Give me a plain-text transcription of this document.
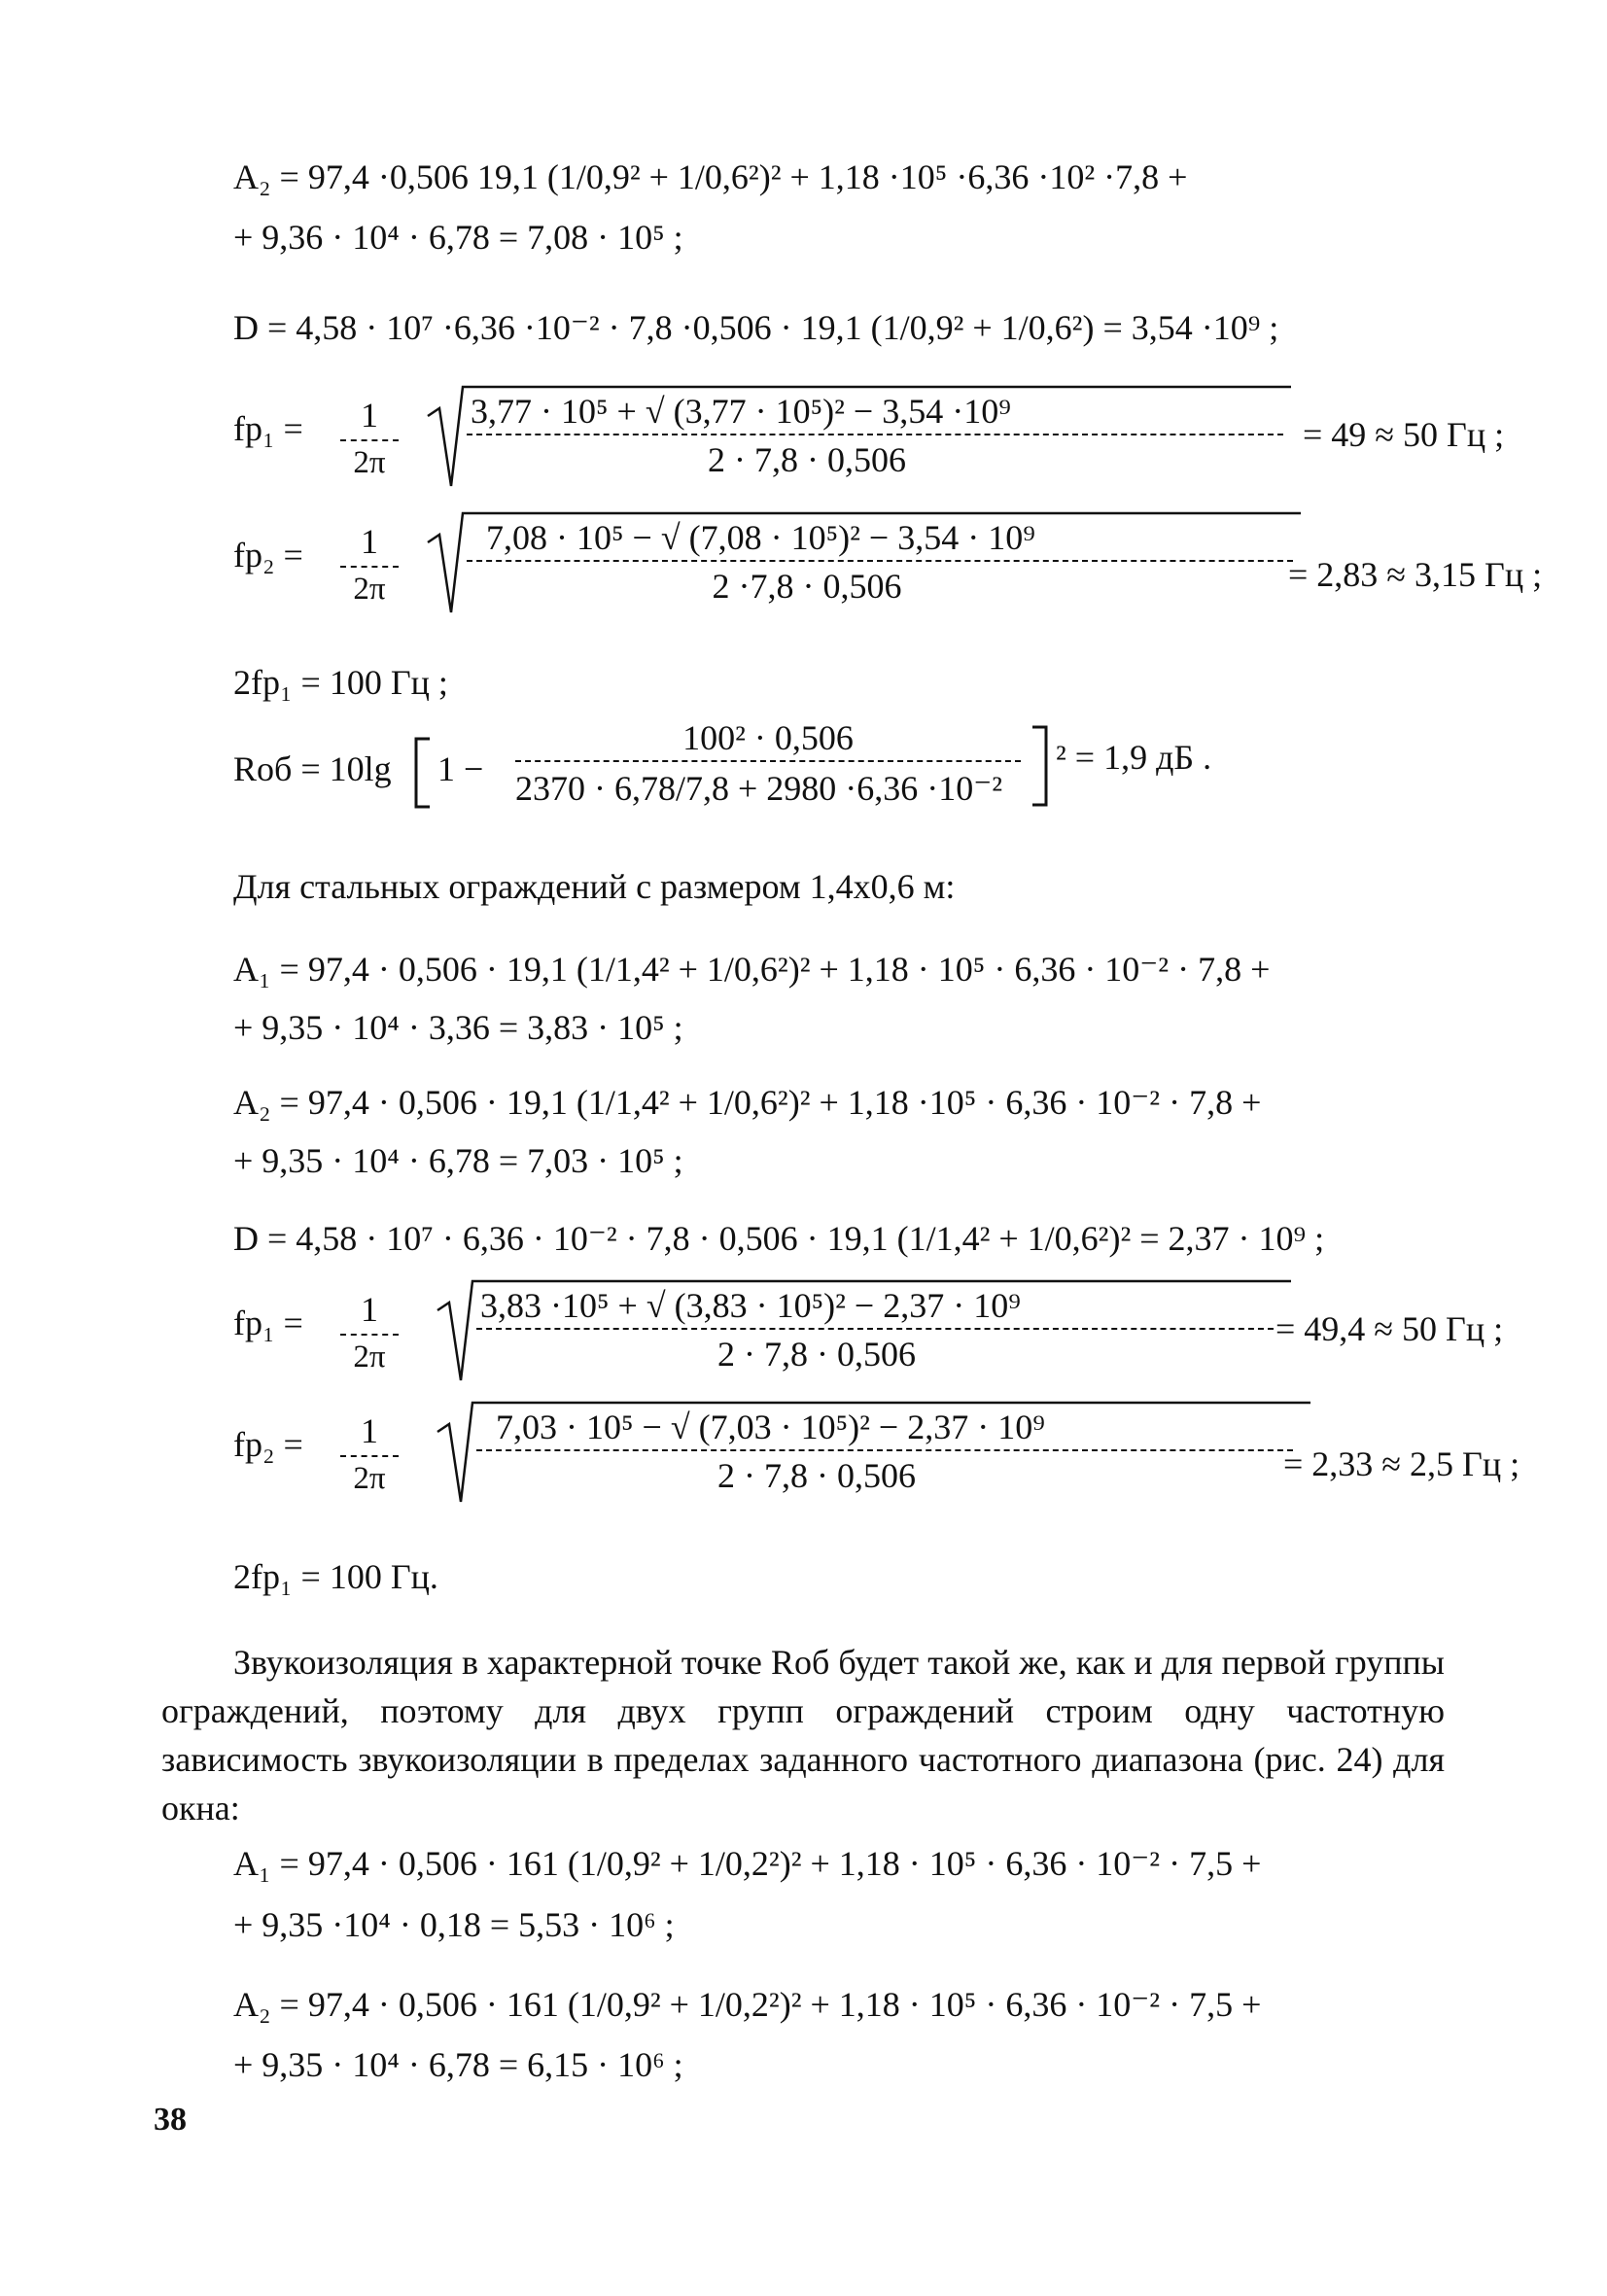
A₂ = 97,4 ·0,506 19,1 (1/0,9² + 1/0,6²)² + 1,18 ·10⁵ ·6,36 ·10² ·7,8 +
+ 9,36 · 10⁴ · 6,78 = 7,08 · 10⁵ ;
D = 4,58 · 10⁷ ·6,36 ·10⁻² · 7,8 ·0,506 · 19,1 (1/0,9² + 1/0,6²) = 3,54 ·10⁹ ;
fp₁ =	1
2π
3,77 · 10⁵ + √ (3,77 · 10⁵)² − 3,54 ·10⁹
2 · 7,8 · 0,506
= 49 ≈ 50 Гц ;
fp₂ =	1
2π
7,08 · 10⁵ − √ (7,08 · 10⁵)² − 3,54 · 10⁹
2 ·7,8 · 0,506	= 2,83 ≈ 3,15 Гц ;
2fp₁ = 100 Гц ;
Rоб = 10lg 1 −
100² · 0,506
2370 · 6,78/7,8 + 2980 ·6,36 ·10⁻²
² = 1,9 дБ .
Для стальных ограждений с размером 1,4x0,6 м:
A₁ = 97,4 · 0,506 · 19,1 (1/1,4² + 1/0,6²)² + 1,18 · 10⁵ · 6,36 · 10⁻² · 7,8 +
+ 9,35 · 10⁴ · 3,36 = 3,83 · 10⁵ ;
A₂ = 97,4 · 0,506 · 19,1 (1/1,4² + 1/0,6²)² + 1,18 ·10⁵ · 6,36 · 10⁻² · 7,8 +
+ 9,35 · 10⁴ · 6,78 = 7,03 · 10⁵ ;
D = 4,58 · 10⁷ · 6,36 · 10⁻² · 7,8 · 0,506 · 19,1 (1/1,4² + 1/0,6²)² = 2,37 · 10⁹ ;
fp₁ =	1
2π
3,83 ·10⁵ + √ (3,83 · 10⁵)² − 2,37 · 10⁹
2 · 7,8 · 0,506
= 49,4 ≈ 50 Гц ;
fp₂ =	1
2π
7,03 · 10⁵ − √ (7,03 · 10⁵)² − 2,37 · 10⁹
2 · 7,8 · 0,506	= 2,33 ≈ 2,5 Гц ;
2fp₁ = 100 Гц.
Звукоизоляция в характерной точке Rоб будет такой же, как и для первой группы ограждений, поэтому для двух групп ограждений строим одну частотную зависимость звукоизоляции в пределах заданного частотного диапазона (рис. 24) для окна:
A₁ = 97,4 · 0,506 · 161 (1/0,9² + 1/0,2²)² + 1,18 · 10⁵ · 6,36 · 10⁻² · 7,5 +
+ 9,35 ·10⁴ · 0,18 = 5,53 · 10⁶ ;
A₂ = 97,4 · 0,506 · 161 (1/0,9² + 1/0,2²)² + 1,18 · 10⁵ · 6,36 · 10⁻² · 7,5 +
+ 9,35 · 10⁴ · 6,78 = 6,15 · 10⁶ ;
38
